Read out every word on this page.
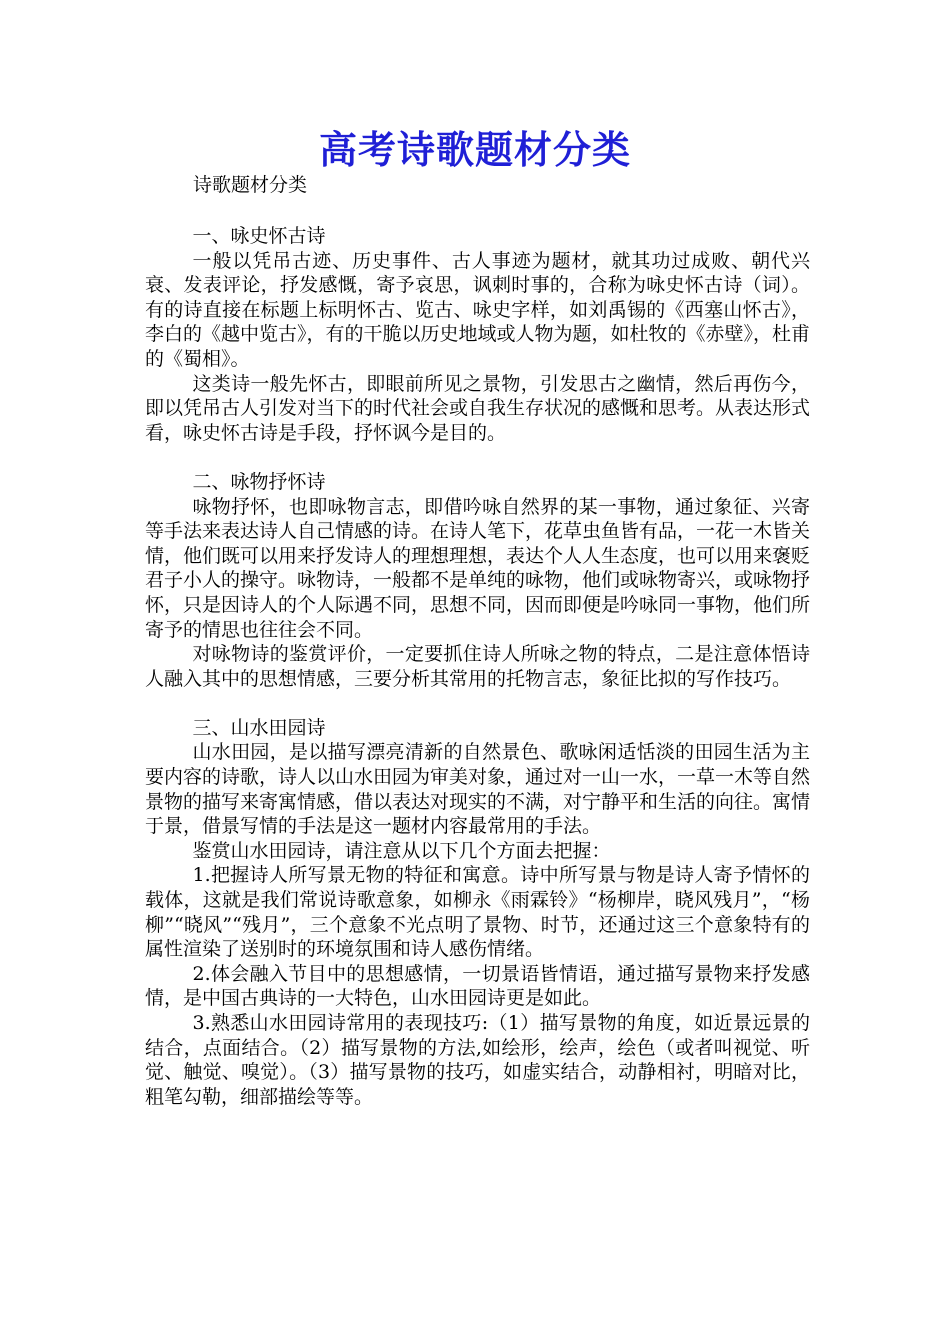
高考诗歌题材分类
诗歌题材分类
一、咏史怀古诗

一般以凭吊古迹、历史事件、古人事迹为题材，就其功过成败、朝代兴衰、发表评论，抒发感慨，寄予哀思，讽刺时事的，合称为咏史怀古诗（词）。有的诗直接在标题上标明怀古、览古、咏史字样，如刘禹锡的《西塞山怀古》，李白的《越中览古》，有的干脆以历史地域或人物为题，如杜牧的《赤壁》，杜甫的《蜀相》。

这类诗一般先怀古，即眼前所见之景物，引发思古之幽情，然后再伤今，即以凭吊古人引发对当下的时代社会或自我生存状况的感慨和思考。从表达形式看，咏史怀古诗是手段，抒怀讽今是目的。

二、咏物抒怀诗

咏物抒怀，也即咏物言志，即借吟咏自然界的某一事物，通过象征、兴寄等手法来表达诗人自己情感的诗。在诗人笔下，花草虫鱼皆有品，一花一木皆关情，他们既可以用来抒发诗人的理想理想，表达个人人生态度，也可以用来褒贬君子小人的操守。咏物诗，一般都不是单纯的咏物，他们或咏物寄兴，或咏物抒怀，只是因诗人的个人际遇不同，思想不同，因而即便是吟咏同一事物，他们所寄予的情思也往往会不同。

对咏物诗的鉴赏评价，一定要抓住诗人所咏之物的特点，二是注意体悟诗人融入其中的思想情感，三要分析其常用的托物言志，象征比拟的写作技巧。

三、山水田园诗

山水田园，是以描写漂亮清新的自然景色、歌咏闲适恬淡的田园生活为主要内容的诗歌，诗人以山水田园为审美对象，通过对一山一水，一草一木等自然景物的描写来寄寓情感，借以表达对现实的不满，对宁静平和生活的向往。寓情于景，借景写情的手法是这一题材内容最常用的手法。

鉴赏山水田园诗，请注意从以下几个方面去把握：

1.把握诗人所写景无物的特征和寓意。诗中所写景与物是诗人寄予情怀的载体，这就是我们常说诗歌意象，如柳永《雨霖铃》“杨柳岸，晓风残月”，“杨柳”“晓风”“残月”，三个意象不光点明了景物、时节，还通过这三个意象特有的属性渲染了送别时的环境氛围和诗人感伤情绪。

2.体会融入节目中的思想感情，一切景语皆情语，通过描写景物来抒发感情，是中国古典诗的一大特色，山水田园诗更是如此。

3.熟悉山水田园诗常用的表现技巧:（1）描写景物的角度，如近景远景的结合，点面结合。（2）描写景物的方法,如绘形，绘声，绘色（或者叫视觉、听觉、触觉、嗅觉）。（3）描写景物的技巧，如虚实结合，动静相衬，明暗对比，粗笔勾勒，细部描绘等等。
